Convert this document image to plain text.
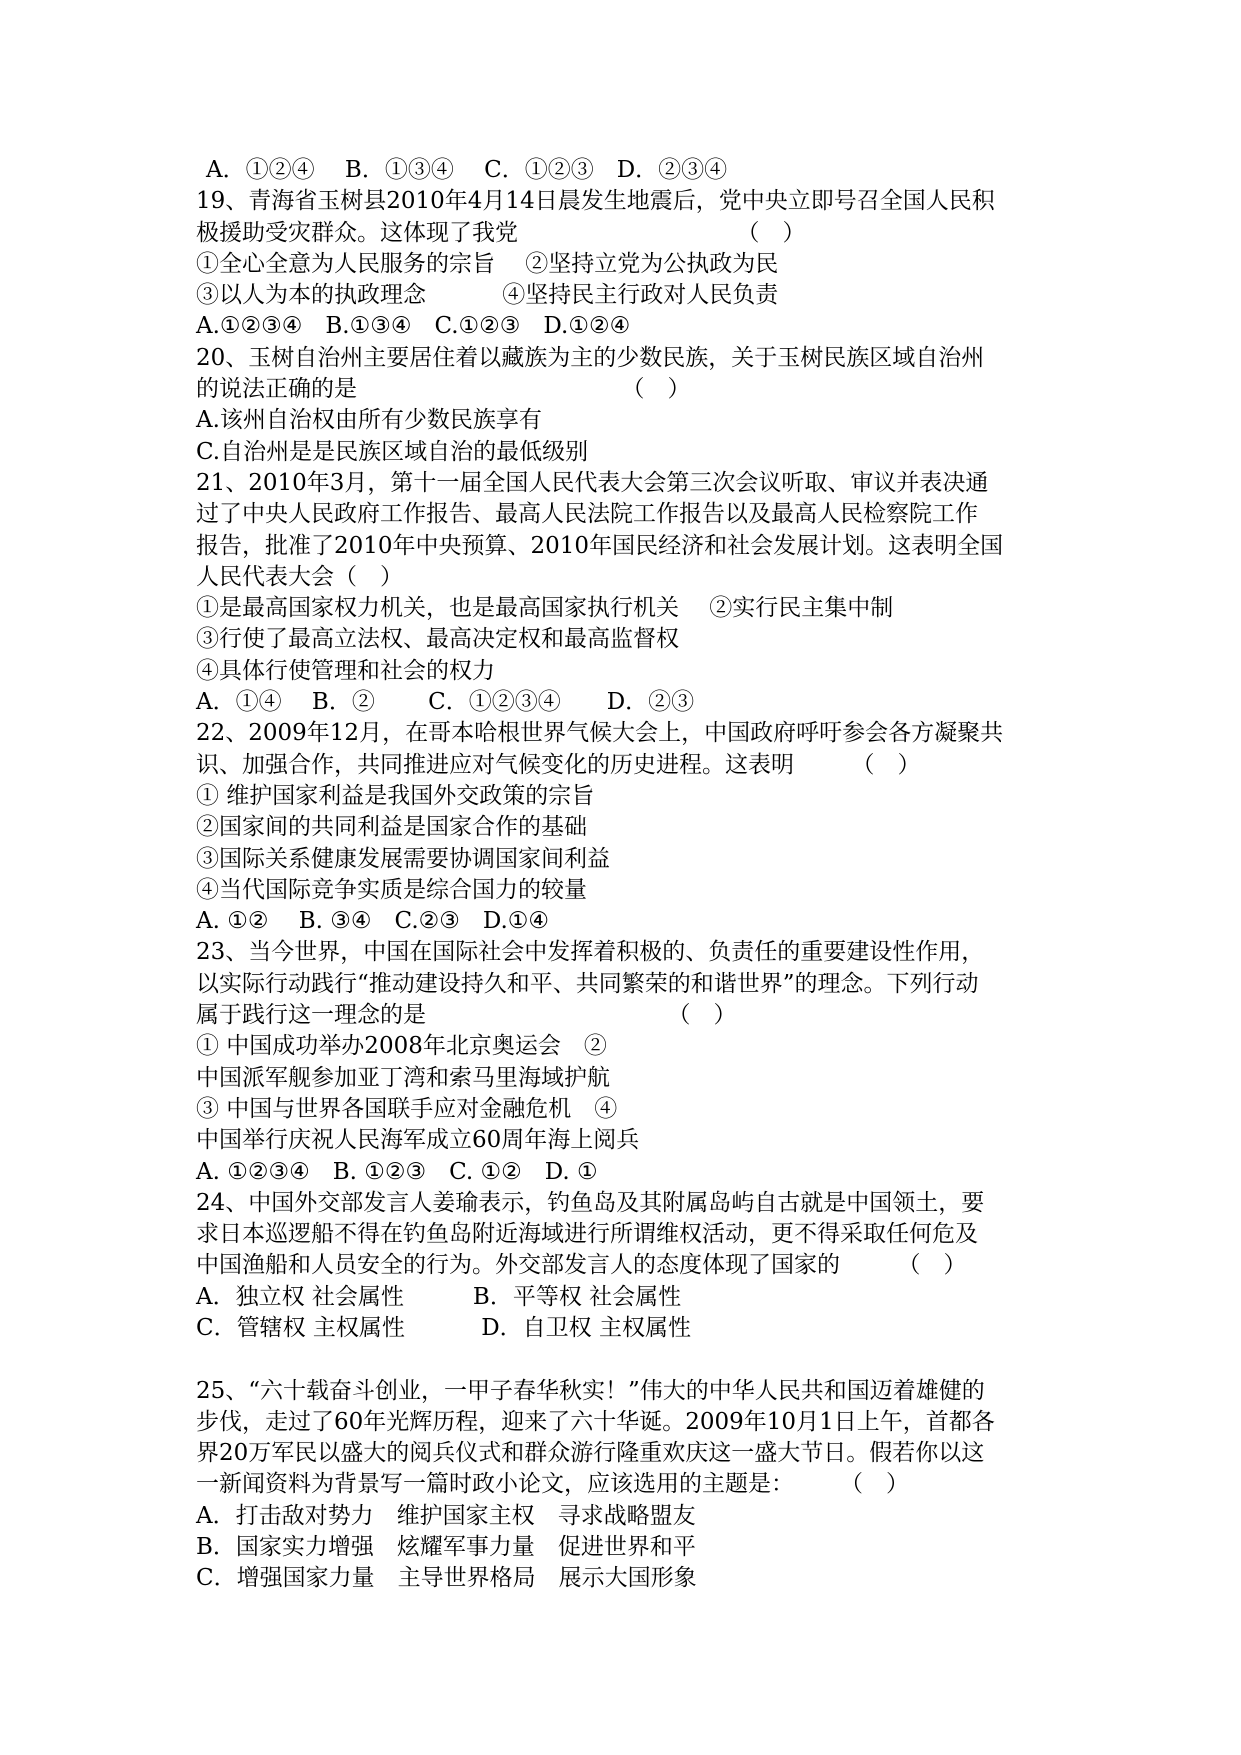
A．①②④　 B．①③④　 C．①②③　D．②③④
19、青海省玉树县2010年4月14日晨发生地震后，党中央立即号召全国人民积
极援助受灾群众。这体现了我党　　　　　　　　　　（　）
①全心全意为人民服务的宗旨　 ②坚持立党为公执政为民
③以人为本的执政理念　　　 ④坚持民主行政对人民负责
A.①②③④　B.①③④　C.①②③　D.①②④
20、玉树自治州主要居住着以藏族为主的少数民族，关于玉树民族区域自治州
的说法正确的是　　　　　　　　　　　　（　）
A.该州自治权由所有少数民族享有
C.自治州是是民族区域自治的最低级别
21、2010年3月，第十一届全国人民代表大会第三次会议听取、审议并表决通
过了中央人民政府工作报告、最高人民法院工作报告以及最高人民检察院工作
报告，批准了2010年中央预算、2010年国民经济和社会发展计划。这表明全国
人民代表大会（　）
①是最高国家权力机关，也是最高国家执行机关　 ②实行民主集中制
③行使了最高立法权、最高决定权和最高监督权
④具体行使管理和社会的权力
A．①④　 B．②　　 C．①②③④　　D．②③
22、2009年12月，在哥本哈根世界气候大会上，中国政府呼吁参会各方凝聚共
识、加强合作，共同推进应对气候变化的历史进程。这表明　　　（　）
① 维护国家利益是我国外交政策的宗旨
②国家间的共同利益是国家合作的基础
③国际关系健康发展需要协调国家间利益
④当代国际竞争实质是综合国力的较量
A. ①②　 B. ③④　C.②③　D.①④
23、当今世界，中国在国际社会中发挥着积极的、负责任的重要建设性作用，
以实际行动践行“推动建设持久和平、共同繁荣的和谐世界”的理念。下列行动
属于践行这一理念的是　　　　　　　　　　　（　）
① 中国成功举办2008年北京奥运会　②
中国派军舰参加亚丁湾和索马里海域护航
③ 中国与世界各国联手应对金融危机　④
中国举行庆祝人民海军成立60周年海上阅兵
A. ①②③④　B. ①②③　C. ①②　D. ①
24、中国外交部发言人姜瑜表示，钓鱼岛及其附属岛屿自古就是中国领土，要
求日本巡逻船不得在钓鱼岛附近海域进行所谓维权活动，更不得采取任何危及
中国渔船和人员安全的行为。外交部发言人的态度体现了国家的　　　（　）
A．独立权 社会属性　　　B．平等权 社会属性
C．管辖权 主权属性　　　 D．自卫权 主权属性
25、“六十载奋斗创业，一甲子春华秋实！”伟大的中华人民共和国迈着雄健的
步伐，走过了60年光辉历程，迎来了六十华诞。2009年10月1日上午，首都各
界20万军民以盛大的阅兵仪式和群众游行隆重欢庆这一盛大节日。假若你以这
一新闻资料为背景写一篇时政小论文，应该选用的主题是：　　　（　）
A．打击敌对势力　维护国家主权　寻求战略盟友
B．国家实力增强　炫耀军事力量　促进世界和平
C．增强国家力量　主导世界格局　展示大国形象
